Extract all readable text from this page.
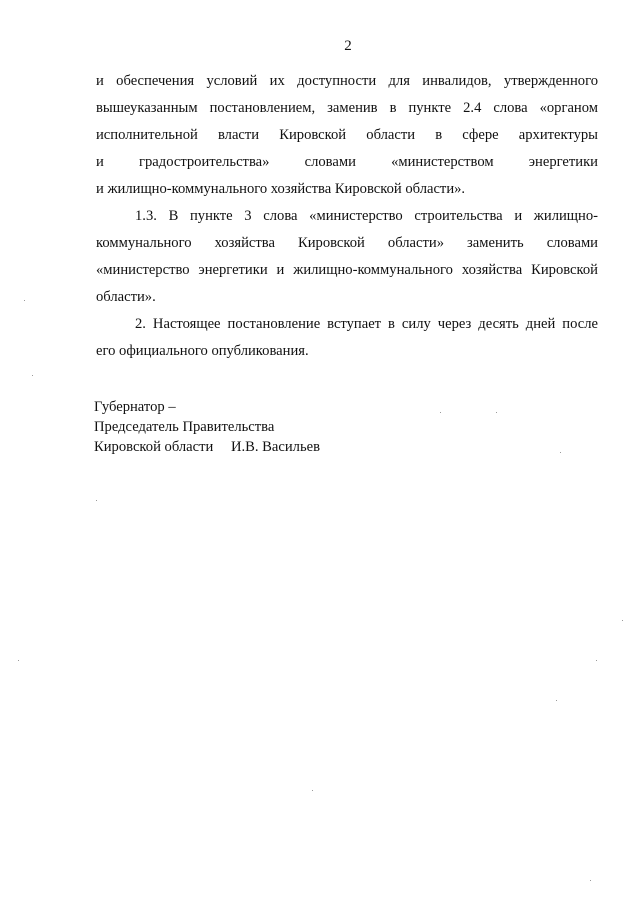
2
и обеспечения условий их доступности для инвалидов, утвержденного
вышеуказанным постановлением, заменив в пункте 2.4 слова «органом
исполнительной власти Кировской области в сфере архитектуры
и градостроительства» словами «министерством энергетики
и жилищно-коммунального хозяйства Кировской области».
1.3. В пункте 3 слова «министерство строительства и жилищно-
коммунального хозяйства Кировской области» заменить словами
«министерство энергетики и жилищно-коммунального хозяйства Кировской
области».
2. Настоящее постановление вступает в силу через десять дней после
его официального опубликования.
Губернатор –
Председатель Правительства
Кировской области И.В. Васильев
